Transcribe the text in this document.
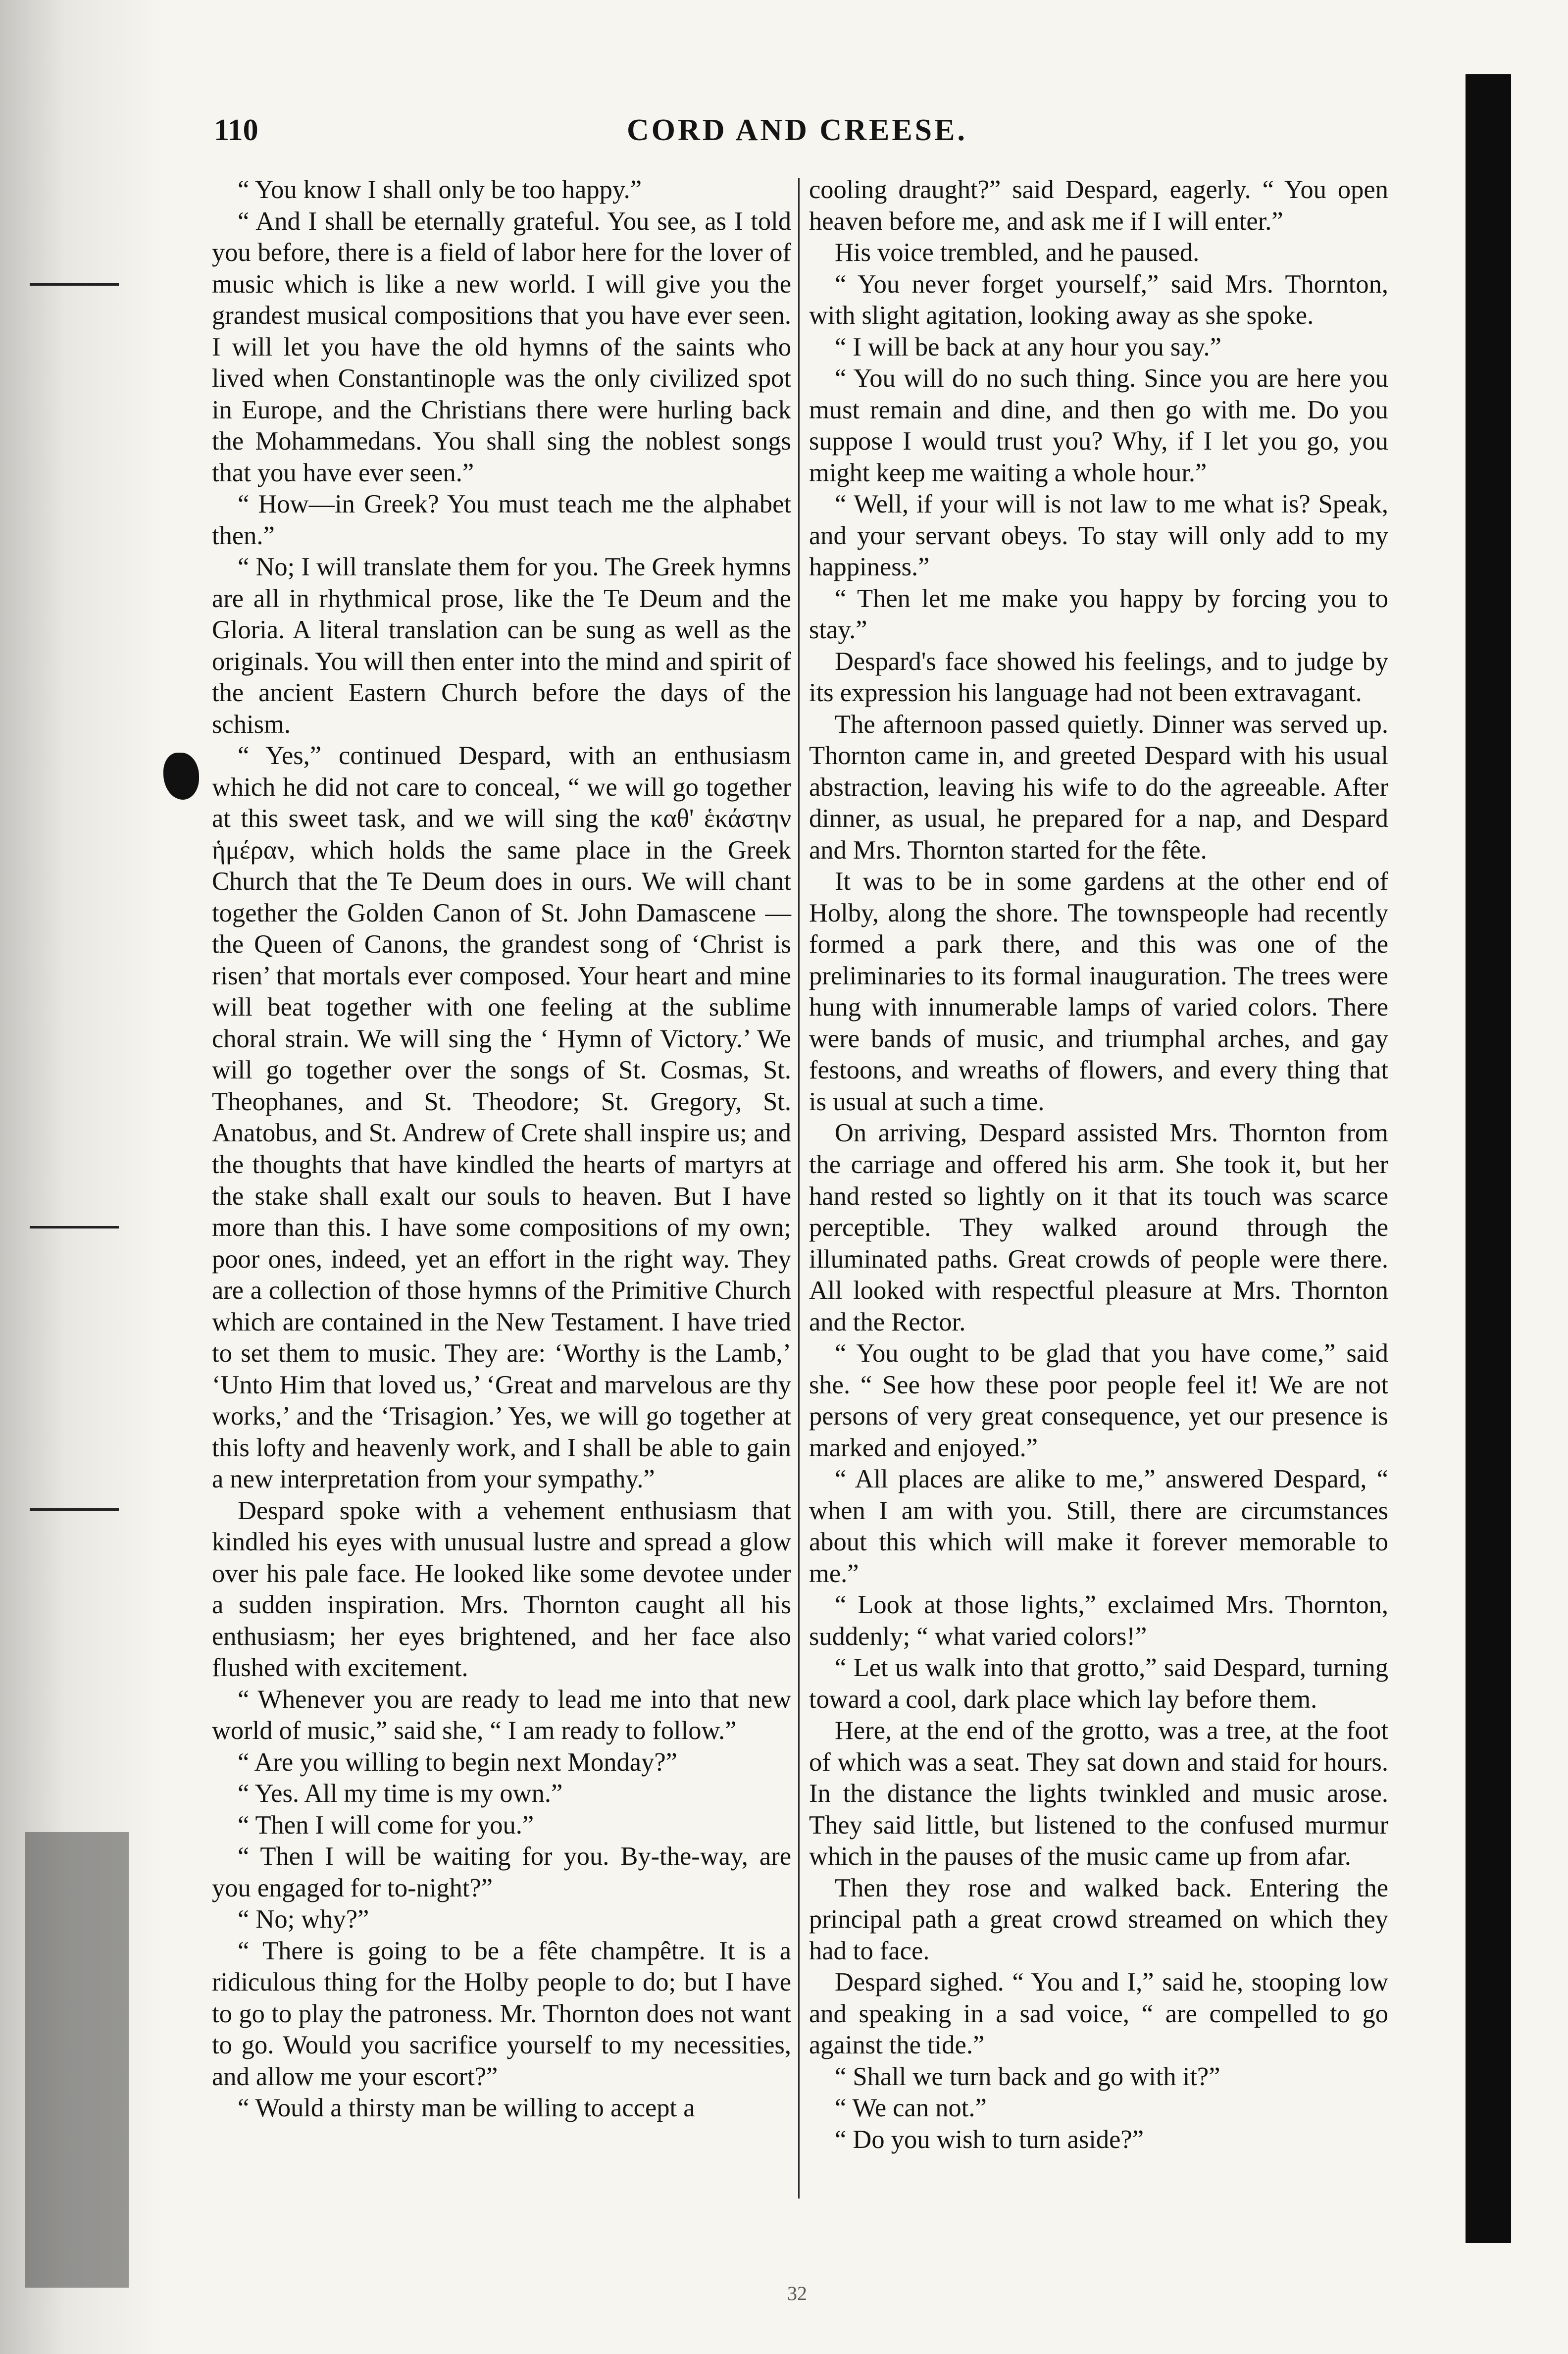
CORD AND CREESE.
110

“ You know I shall only be too happy.”

“ And I shall be eternally grateful. You see, as I told you before, there is a field of labor here for the lover of music which is like a new world. I will give you the grandest musical compositions that you have ever seen. I will let you have the old hymns of the saints who lived when Constantinople was the only civilized spot in Europe, and the Christians there were hurling back the Mohammedans. You shall sing the noblest songs that you have ever seen.”

“ How—in Greek? You must teach me the alphabet then.”

“ No; I will translate them for you. The Greek hymns are all in rhythmical prose, like the Te Deum and the Gloria. A literal translation can be sung as well as the originals. You will then enter into the mind and spirit of the ancient Eastern Church before the days of the schism.

“ Yes,” continued Despard, with an enthusiasm which he did not care to conceal, “ we will go together at this sweet task, and we will sing the καθ' ἑκάστην ἡμέραν, which holds the same place in the Greek Church that the Te Deum does in ours. We will chant together the Golden Canon of St. John Damascene — the Queen of Canons, the grandest song of ‘Christ is risen’ that mortals ever composed. Your heart and mine will beat together with one feeling at the sublime choral strain. We will sing the ‘ Hymn of Victory.’ We will go together over the songs of St. Cosmas, St. Theophanes, and St. Theodore; St. Gregory, St. Anatobus, and St. Andrew of Crete shall inspire us; and the thoughts that have kindled the hearts of martyrs at the stake shall exalt our souls to heaven. But I have more than this. I have some compositions of my own; poor ones, indeed, yet an effort in the right way. They are a collection of those hymns of the Primitive Church which are contained in the New Testament. I have tried to set them to music. They are: ‘Worthy is the Lamb,’ ‘Unto Him that loved us,’ ‘Great and marvelous are thy works,’ and the ‘Trisagion.’ Yes, we will go together at this lofty and heavenly work, and I shall be able to gain a new interpretation from your sympathy.”

Despard spoke with a vehement enthusiasm that kindled his eyes with unusual lustre and spread a glow over his pale face. He looked like some devotee under a sudden inspiration. Mrs. Thornton caught all his enthusiasm; her eyes brightened, and her face also flushed with excitement.

“ Whenever you are ready to lead me into that new world of music,” said she, “ I am ready to follow.”

“ Are you willing to begin next Monday?”

“ Yes. All my time is my own.”

“ Then I will come for you.”

“ Then I will be waiting for you. By-the-way, are you engaged for to-night?”

“ No; why?”

“ There is going to be a fête champêtre. It is a ridiculous thing for the Holby people to do; but I have to go to play the patroness. Mr. Thornton does not want to go. Would you sacrifice yourself to my necessities, and allow me your escort?”

“ Would a thirsty man be willing to accept a

cooling draught?” said Despard, eagerly. “ You open heaven before me, and ask me if I will enter.”

His voice trembled, and he paused.

“ You never forget yourself,” said Mrs. Thornton, with slight agitation, looking away as she spoke.

“ I will be back at any hour you say.”

“ You will do no such thing. Since you are here you must remain and dine, and then go with me. Do you suppose I would trust you? Why, if I let you go, you might keep me waiting a whole hour.”

“ Well, if your will is not law to me what is? Speak, and your servant obeys. To stay will only add to my happiness.”

“ Then let me make you happy by forcing you to stay.”

Despard's face showed his feelings, and to judge by its expression his language had not been extravagant.

The afternoon passed quietly. Dinner was served up. Thornton came in, and greeted Despard with his usual abstraction, leaving his wife to do the agreeable. After dinner, as usual, he prepared for a nap, and Despard and Mrs. Thornton started for the fête.

It was to be in some gardens at the other end of Holby, along the shore. The townspeople had recently formed a park there, and this was one of the preliminaries to its formal inauguration. The trees were hung with innumerable lamps of varied colors. There were bands of music, and triumphal arches, and gay festoons, and wreaths of flowers, and every thing that is usual at such a time.

On arriving, Despard assisted Mrs. Thornton from the carriage and offered his arm. She took it, but her hand rested so lightly on it that its touch was scarce perceptible. They walked around through the illuminated paths. Great crowds of people were there. All looked with respectful pleasure at Mrs. Thornton and the Rector.

“ You ought to be glad that you have come,” said she. “ See how these poor people feel it! We are not persons of very great consequence, yet our presence is marked and enjoyed.”

“ All places are alike to me,” answered Despard, “ when I am with you. Still, there are circumstances about this which will make it forever memorable to me.”

“ Look at those lights,” exclaimed Mrs. Thornton, suddenly; “ what varied colors!”

“ Let us walk into that grotto,” said Despard, turning toward a cool, dark place which lay before them.

Here, at the end of the grotto, was a tree, at the foot of which was a seat. They sat down and staid for hours. In the distance the lights twinkled and music arose. They said little, but listened to the confused murmur which in the pauses of the music came up from afar.

Then they rose and walked back. Entering the principal path a great crowd streamed on which they had to face.

Despard sighed. “ You and I,” said he, stooping low and speaking in a sad voice, “ are compelled to go against the tide.”

“ Shall we turn back and go with it?”

“ We can not.”

“ Do you wish to turn aside?”

32
